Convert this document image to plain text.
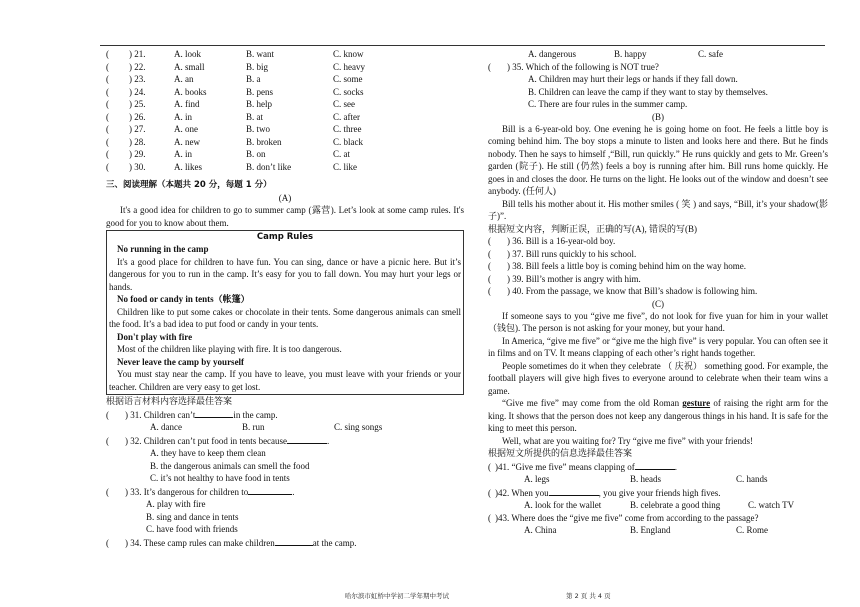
(	) 21.	A. look	B. want	C. know
(	) 22.	A. small	B. big	C. heavy
(	) 23.	A. an	B. a	C. some
(	) 24.	A. books	B. pens	C. socks
(	) 25.	A. find	B. help	C. see
(	) 26.	A. in	B. at	C. after
(	) 27.	A. one	B. two	C. three
(	) 28.	A. new	B. broken	C. black
(	) 29.	A. in	B. on	C. at
(	) 30.	A. likes	B. don’t like	C. like
三、阅读理解（本题共 20 分，每题 1 分）
(A)

It's a good idea for children to go to summer camp (露营). Let’s look at some camp rules. It's good for you to know about them.

Camp Rules
No running in the camp

It's a good place for children to have fun. You can sing, dance or have a picnic here. But it’s dangerous for you to run in the camp. It’s easy for you to fall down. You may hurt your legs or hands.

No food or candy in tents（帐篷）

Children like to put some cakes or chocolate in their tents. Some dangerous animals can smell the food. It’s a bad idea to put food or candy in your tents.

Don't play with fire

Most of the children like playing with fire. It is too dangerous.

Never leave the camp by yourself

You must stay near the camp. If you have to leave, you must leave with your friends or your teacher. Children are very easy to get lost.

根据语言材料内容选择最佳答案
( ) 31. Children can’t	in the camp.
A. dance	B. run	C. sing songs
( ) 32. Children can’t put food in tents because	.
A. they have to keep them clean
B. the dangerous animals can smell the food
C. it’s not healthy to have food in tents
( ) 33. It’s dangerous for children to	.
A. play with fire
B. sing and dance in tents
C. have food with friends
( ) 34. These camp rules can make children	at the camp.
A. dangerous	B. happy	C. safe
( ) 35. Which of the following is NOT true?
A. Children may hurt their legs or hands if they fall down.
B. Children can leave the camp if they want to stay by themselves.
C. There are four rules in the summer camp.
(B)

Bill is a 6-year-old boy. One evening he is going home on foot. He feels a little boy is coming behind him. The boy stops a minute to listen and looks here and there. But he finds nobody. Then he says to himself ,“Bill, run quickly.” He runs quickly and gets to Mr. Green’s garden (院子). He still (仍然) feels a boy is running after him. Bill runs home quickly. He goes in and closes the door. He turns on the light. He looks out of the window and doesn’t see anybody. (任何人)

Bill tells his mother about it. His mother smiles ( 笑 ) and says, “Bill, it’s your shadow(影子)”.

根据短文内容，判断正误，正确的写(A), 错误的写(B)
( ) 36. Bill is a 16-year-old boy.
( ) 37. Bill runs quickly to his school.
( ) 38. Bill feels a little boy is coming behind him on the way home.
( ) 39. Bill’s mother is angry with him.
( ) 40. From the passage, we know that Bill’s shadow is following him.
(C)

If someone says to you “give me five”, do not look for five yuan for him in your wallet（钱包). The person is not asking for your money, but your hand.

In America, “give me five” or “give me the high five” is very popular. You can often see it in films and on TV. It means clapping of each other’s right hands together.

People sometimes do it when they celebrate （ 庆祝） something good. For example, the football players will give high fives to everyone around to celebrate when their team wins a game.

“Give me five” may come from the old Roman gesture of raising the right arm for the king. It shows that the person does not keep any dangerous things in his hand. It is safe for the king to meet this person.

Well, what are you waiting for? Try “give me five” with your friends!

根据短文所提供的信息选择最佳答案
( )41. “Give me five” means clapping of	.
A. legs	B. heads	C. hands
( )42. When you	, you give your friends high fives.
A. look for the wallet	B. celebrate a good thing	C. watch TV
( )43. Where does the “give me five” come from according to the passage?
A. China	B. England	C. Rome
哈尔滨市虹桥中学初二学年期中考试	第 2 页 共 4 页
